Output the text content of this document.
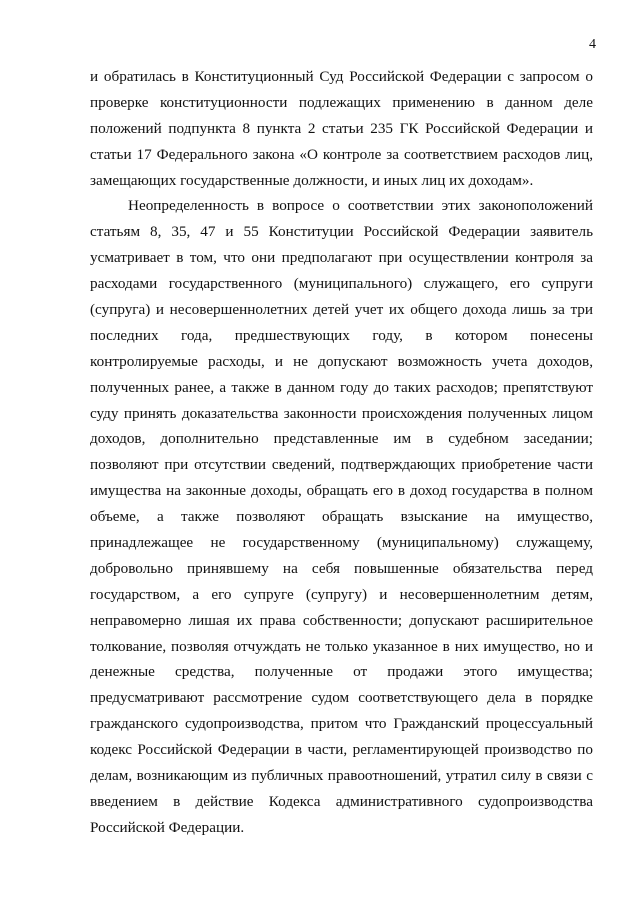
4
и обратилась в Конституционный Суд Российской Федерации с запросом о
проверке конституционности подлежащих применению в данном деле
положений подпункта 8 пункта 2 статьи 235 ГК Российской Федерации и
статьи 17 Федерального закона «О контроле за соответствием расходов лиц,
замещающих государственные должности, и иных лиц их доходам».
Неопределенность в вопросе о соответствии этих законоположений
статьям 8, 35, 47 и 55 Конституции Российской Федерации заявитель
усматривает в том, что они предполагают при осуществлении контроля за
расходами государственного (муниципального) служащего, его супруги
(супруга) и несовершеннолетних детей учет их общего дохода лишь за три
последних года, предшествующих году, в котором понесены
контролируемые расходы, и не допускают возможность учета доходов,
полученных ранее, а также в данном году до таких расходов; препятствуют
суду принять доказательства законности происхождения полученных лицом
доходов, дополнительно представленные им в судебном заседании;
позволяют при отсутствии сведений, подтверждающих приобретение части
имущества на законные доходы, обращать его в доход государства в полном
объеме, а также позволяют обращать взыскание на имущество,
принадлежащее не государственному (муниципальному) служащему,
добровольно принявшему на себя повышенные обязательства перед
государством, а его супруге (супругу) и несовершеннолетним детям,
неправомерно лишая их права собственности; допускают расширительное
толкование, позволяя отчуждать не только указанное в них имущество, но и
денежные средства, полученные от продажи этого имущества;
предусматривают рассмотрение судом соответствующего дела в порядке
гражданского судопроизводства, притом что Гражданский процессуальный
кодекс Российской Федерации в части, регламентирующей производство по
делам, возникающим из публичных правоотношений, утратил силу в связи с
введением в действие Кодекса административного судопроизводства
Российской Федерации.
